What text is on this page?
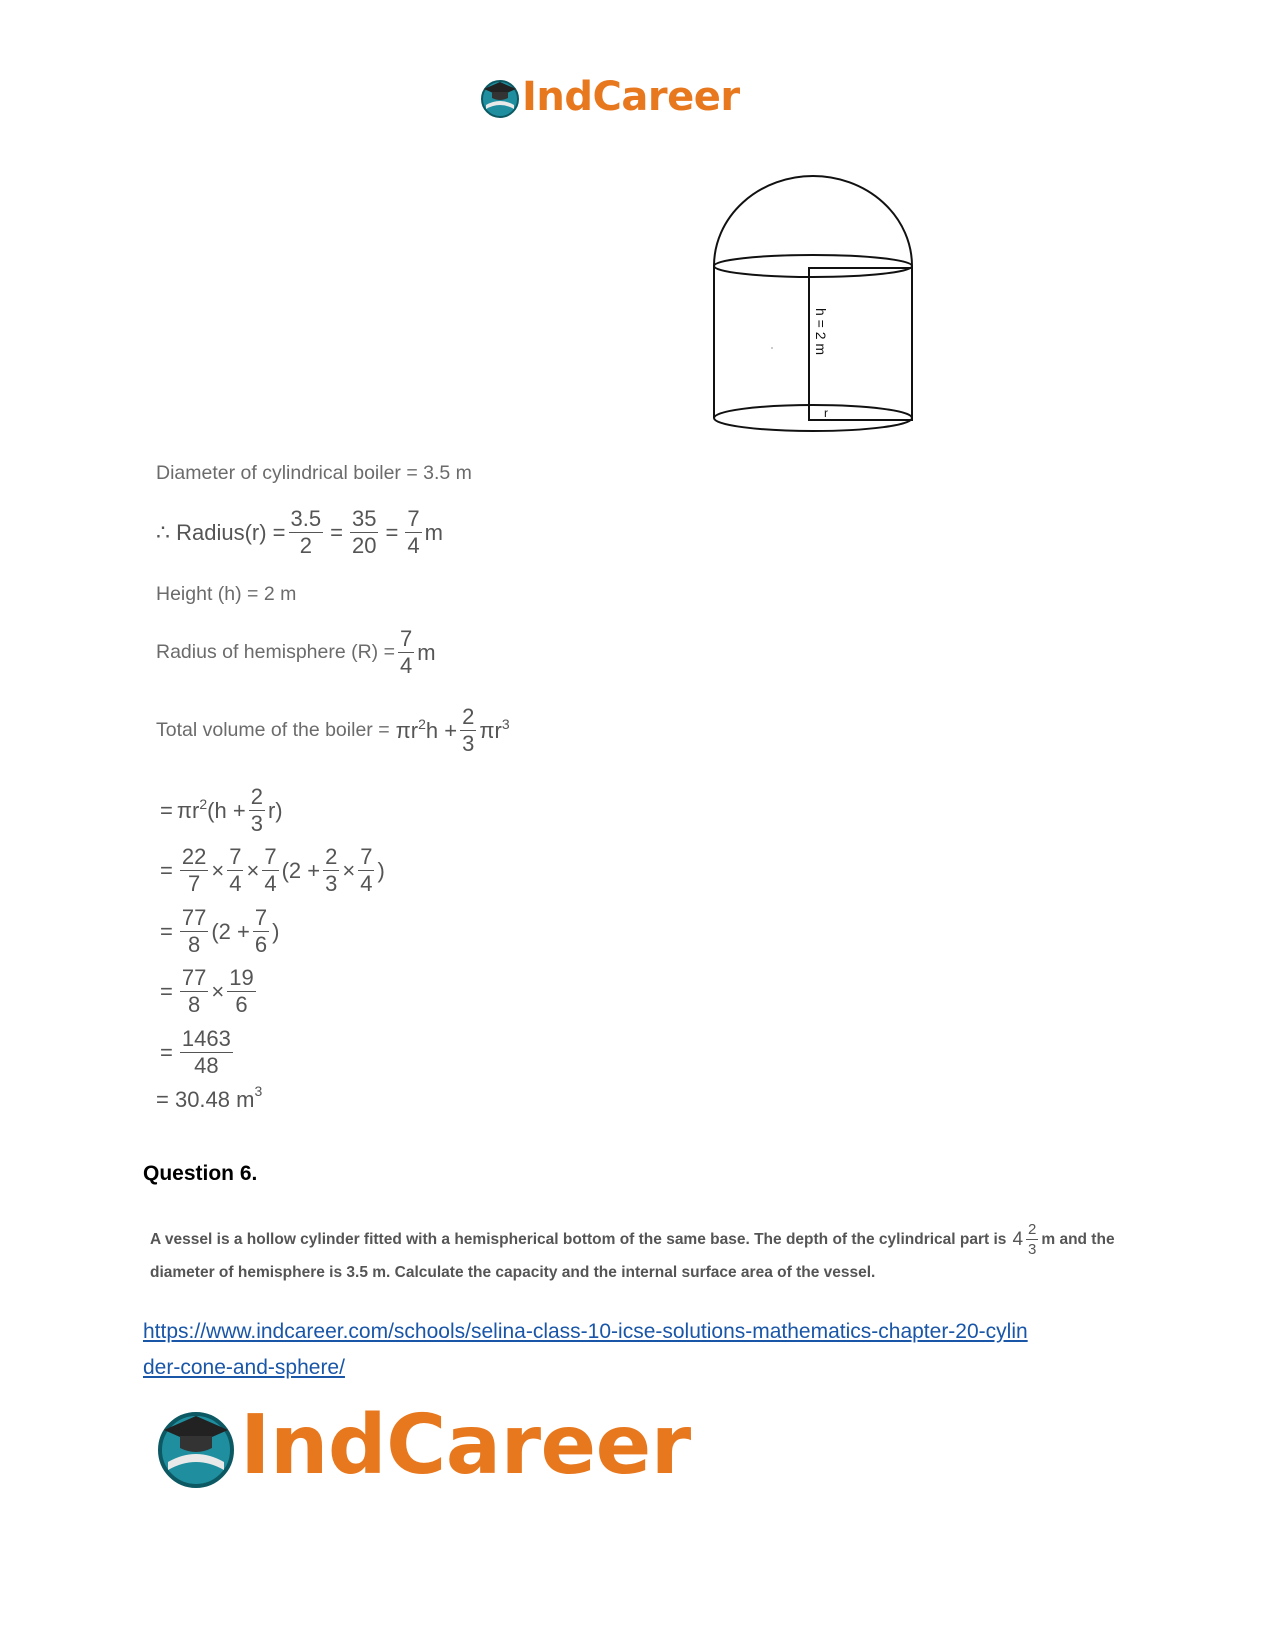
IndCareer
h = 2 m
r
Diameter of cylindrical boiler = 3.5 m
∴ Radius(r) = $\frac{3.5}{2} = \frac{35}{20} = \frac{7}{4}$ m
Height (h) = 2 m
Radius of hemisphere $(R) = \frac{7}{4}$ m
Total volume of the boiler = $\pi r^2h + \frac{2}{3} \pi r^3$
= $\pi r^2(h + \frac{2}{3} r)$
= $\frac{22}{7} \times \frac{7}{4} \times \frac{7}{4} (2 + \frac{2}{3} \times \frac{7}{4}$ )
= $\frac{77}{8} (2 + \frac{7}{6}$ )
= $\frac{77}{8} \times \frac{19}{6}$
= $\frac{1463}{48}$
= 30.48 m 3
Question 6.
A vessel is a hollow cylinder fitted with a hemispherical bottom of the same base. The depth of the cylindrical part is $4 \frac{2}{3}$ m and the
diameter of hemisphere is 3.5 m. Calculate the capacity and the internal surface area of the vessel.
https://www.indcareer.com/schools/selina-class-10-icse-solutions-mathematics-chapter-20-cylin
der-cone-and-sphere/
IndCareer
